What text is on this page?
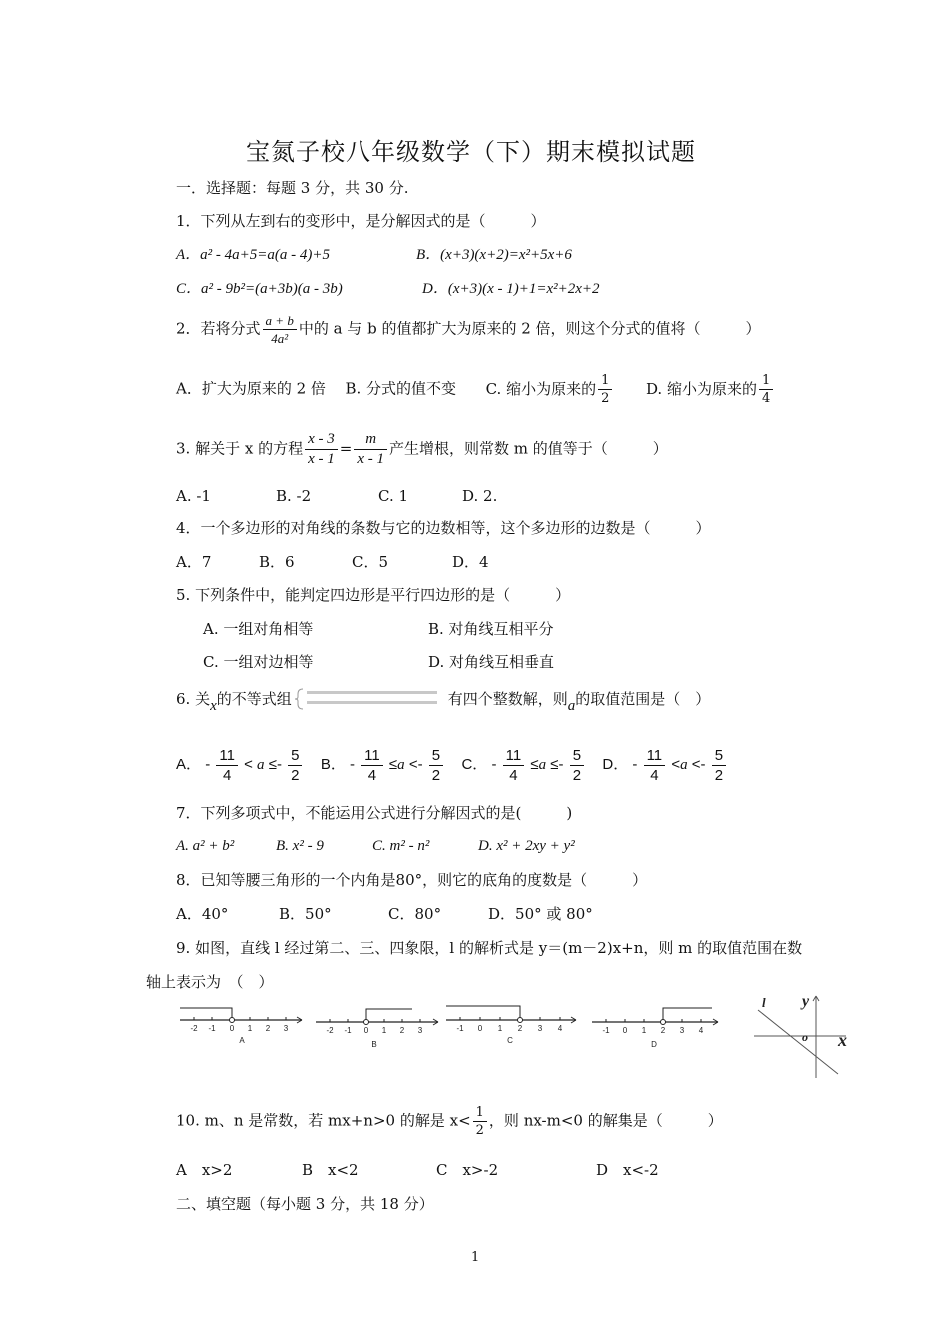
宝氮子校八年级数学（下）期末模拟试题
一．选择题：每题 3 分，共 30 分.
1．下列从左到右的变形中，是分解因式的是（　　　）
A．a² - 4a+5=a(a - 4)+5	B．(x+3)(x+2)=x²+5x+6
C．a² - 9b²=(a+3b)(a - 3b)	D．(x+3)(x - 1)+1=x²+2x+2
2．若将分式 $\frac{a + b}{\text{4a²}}$ 中的 a 与 b 的值都扩大为原来的 2 倍，则这个分式的值将（　　　）
A．扩大为原来的 2 倍 B. 分式的值不变 C. 缩小为原来的 $\frac{1}{2} D$. 缩小为原来的 $\frac{1}{4}$
3. 解关于 x 的方程 $\frac{x - 3}{x - 1} = \frac{m}{x - 1}$ 产生增根，则常数 m 的值等于（　　　）
A. -1	B. -2	C. 1	D. 2.
4．一个多边形的对角线的条数与它的边数相等，这个多边形的边数是（　　　）
A．7	B．6	C．5	D．4
5. 下列条件中，能判定四边形是平行四边形的是（　　　）
A. 一组对角相等	B. 对角线互相平分
C. 一组对边相等	D. 对角线互相垂直
6. 关x的不等式组	有四个整数解，则a的取值范围是（　）
A． - $\frac{11}{4} < a \le- \frac{5}{2}$ B． - $\frac{11}{4} \le a <- \frac{5}{2}$ C． - $\frac{11}{4} \le a \le- \frac{5}{2}$ D． - $\frac{11}{4} <a <- \frac{5}{2}$
7．下列多项式中，不能运用公式进行分解因式的是(　　　)
A. a² + b²	B. x² - 9	C. m² - n²	D. x² + 2xy + y²
8．已知等腰三角形的一个内角是80°，则它的底角的度数是（　　　）
A．40°	B．50°	C．80°	D．50° 或 80°
9. 如图，直线 l 经过第二、三、四象限，l 的解析式是 y＝(m－2)x+n，则 m 的取值范围在数
轴上表示为　（　）
-2 -1 0 1 2 3
A
-2 -1 0 1 2 3
B
-1 0 1 2 3 4
C
-1 0 1 2 3 4
D
l y
o x
10. m、n 是常数，若 mx+n>0 的解是 $x< \frac{1}{2}$ ，则 nx-m<0 的解集是（　　　）
A　x>2	B　x<2	C　x>-2	D　x<-2
二、填空题（每小题 3 分，共 18 分）
1
